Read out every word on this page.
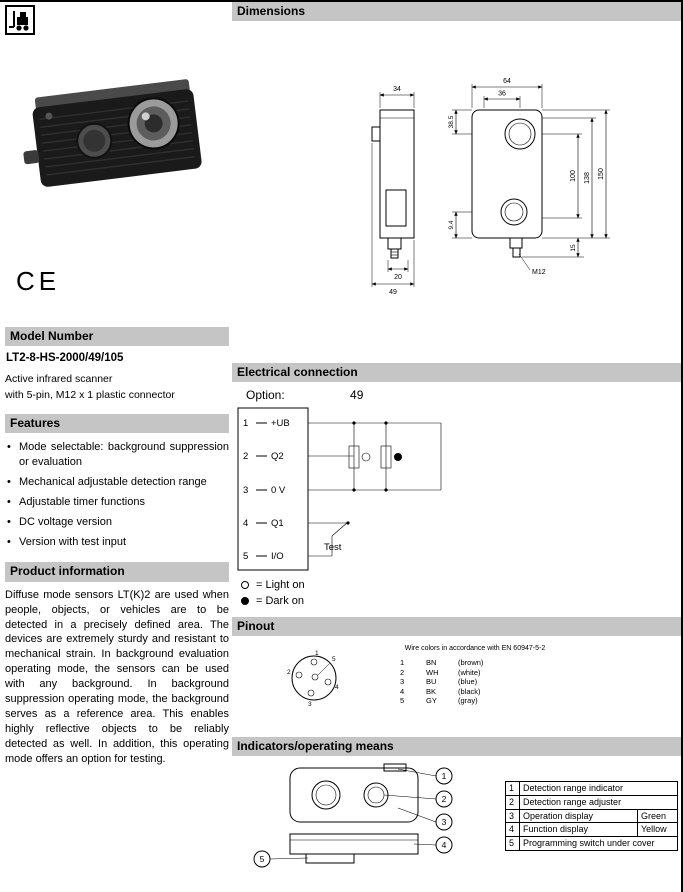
CE
Model Number
LT2-8-HS-2000/49/105
Active infrared scanner
with 5-pin, M12 x 1 plastic connector
Features
• Mode selectable: background suppression or evaluation
• Mechanical adjustable detection range
• Adjustable timer functions
• DC voltage version
• Version with test input
Product information

Diffuse mode sensors LT(K)2 are used when people, objects, or vehicles are to be detected in a precisely defined area. The devices are extremely sturdy and resistant to mechanical strain. In background evaluation operating mode, the sensors can be used with any background. In background suppression operating mode, the background serves as a reference area. This enables highly reflective objects to be reliably detected as well. In addition, this operating mode offers an option for testing.

Dimensions
34
20
49
64
36
100 138 150
38.5
9.4
15
M12
Electrical connection
Option:	49
1 +UB
2 Q2
3 0 V
4 Q1
5 I/O
Test
= Light on
= Dark on
Pinout
1
2
3
4
5
Wire colors in accordance with EN 60947-5-2
1	BN	(brown)
2	WH	(white)
3	BU	(blue)
4	BK	(black)
5	GY	(gray)
Indicators/operating means
1
2
3
4
5
1	Detection range indicator	
2	Detection range adjuster	
3	Operation display	Green
4	Function display	Yellow
5	Programming switch under cover	
